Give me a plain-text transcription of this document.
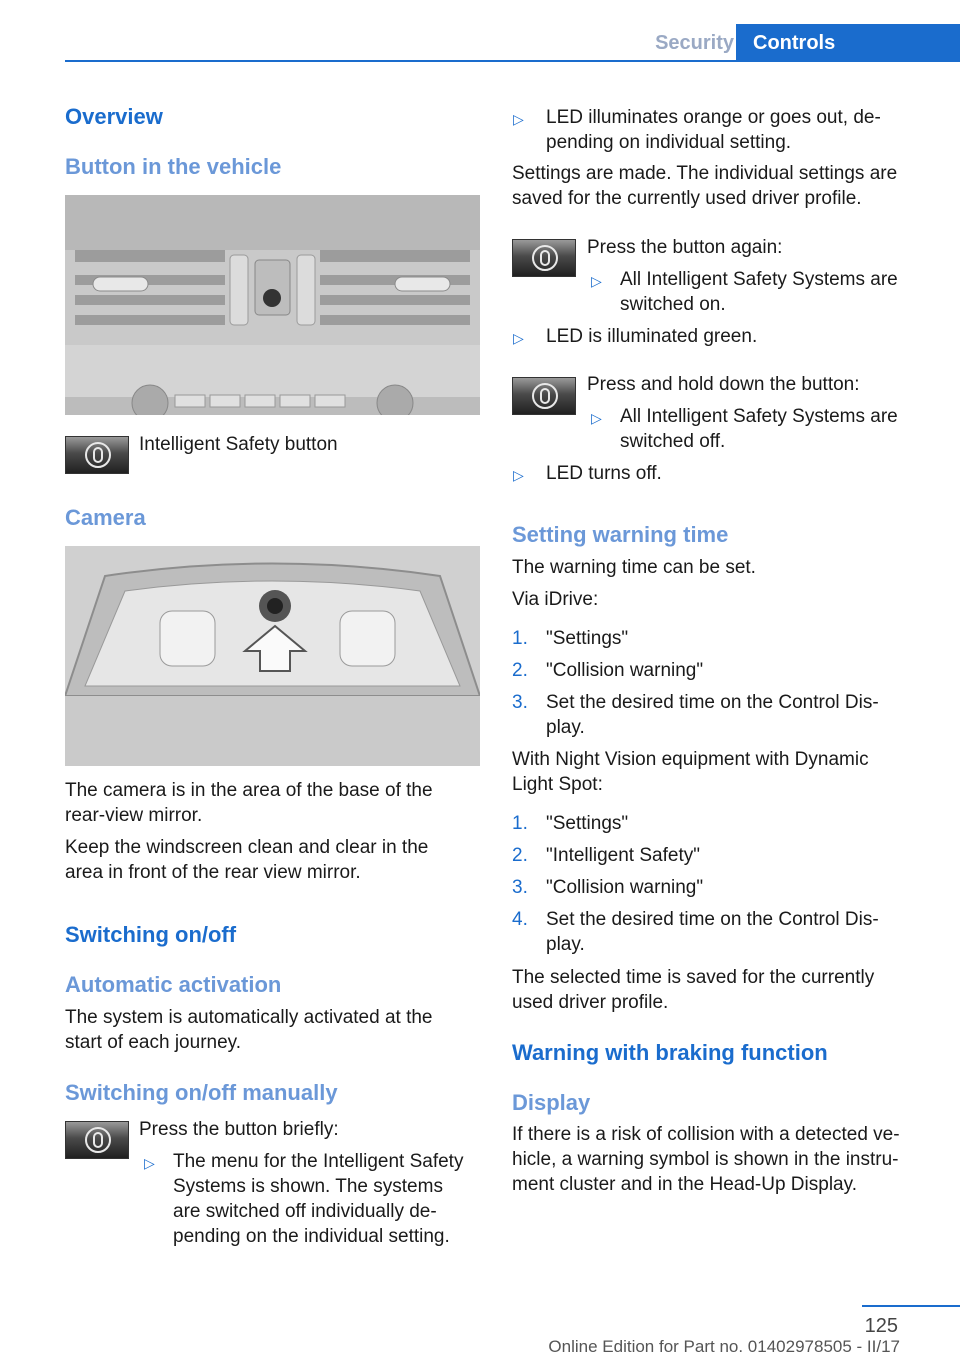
Security Controls
Overview
Button in the vehicle
Intelligent Safety button
Camera
The camera is in the area of the base of the
rear-view mirror.
Keep the windscreen clean and clear in the
area in front of the rear view mirror.
Switching on/off
Automatic activation
The system is automatically activated at the
start of each journey.
Switching on/off manually
Press the button briefly:
▷ The menu for the Intelligent Safety
Systems is shown. The systems
are switched off individually de-
pending on the individual setting.
▷ LED illuminates orange or goes out, de-
pending on individual setting.
Settings are made. The individual settings are
saved for the currently used driver profile.
Press the button again:
▷ All Intelligent Safety Systems are
switched on.
▷ LED is illuminated green.
Press and hold down the button:
▷ All Intelligent Safety Systems are
switched off.
▷ LED turns off.
Setting warning time
The warning time can be set.
Via iDrive:
1. "Settings"
2. "Collision warning"
3. Set the desired time on the Control Dis-
play.
With Night Vision equipment with Dynamic
Light Spot:
1. "Settings"
2. "Intelligent Safety"
3. "Collision warning"
4. Set the desired time on the Control Dis-
play.
The selected time is saved for the currently
used driver profile.
Warning with braking function
Display
If there is a risk of collision with a detected ve-
hicle, a warning symbol is shown in the instru-
ment cluster and in the Head-Up Display.
125
Online Edition for Part no. 01402978505 - II/17
